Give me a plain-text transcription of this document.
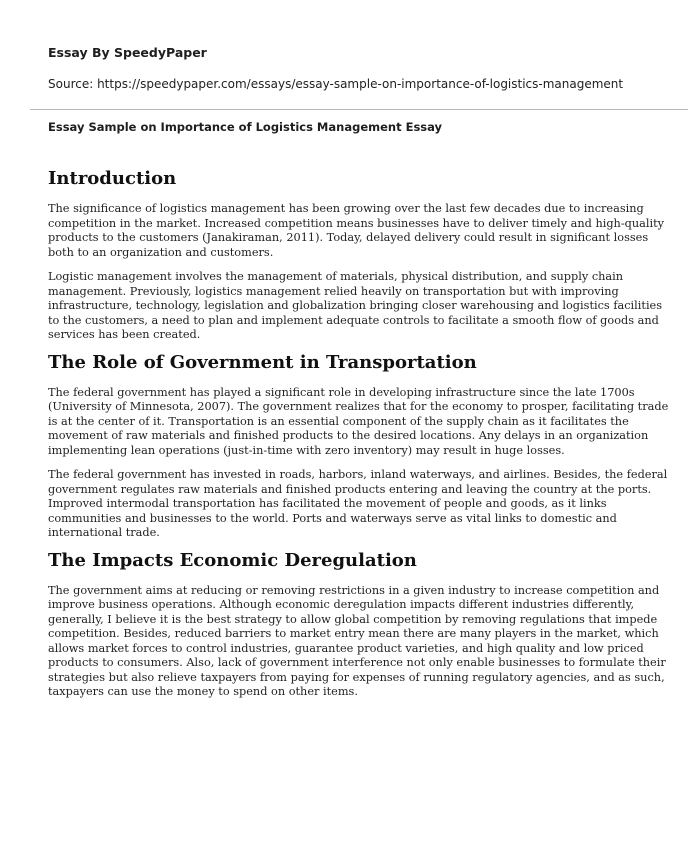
Essay By SpeedyPaper
Source: https://speedypaper.com/essays/essay-sample-on-importance-of-logistics-management
Essay Sample on Importance of Logistics Management Essay
Introduction

The significance of logistics management has been growing over the last few decades due to increasing competition in the market. Increased competition means businesses have to deliver timely and high-quality products to the customers (Janakiraman, 2011). Today, delayed delivery could result in significant losses both to an organization and customers.

Logistic management involves the management of materials, physical distribution, and supply chain management. Previously, logistics management relied heavily on transportation but with improving infrastructure, technology, legislation and globalization bringing closer warehousing and logistics facilities to the customers, a need to plan and implement adequate controls to facilitate a smooth flow of goods and services has been created.

The Role of Government in Transportation

The federal government has played a significant role in developing infrastructure since the late 1700s (University of Minnesota, 2007). The government realizes that for the economy to prosper, facilitating trade is at the center of it. Transportation is an essential component of the supply chain as it facilitates the movement of raw materials and finished products to the desired locations. Any delays in an organization implementing lean operations (just-in-time with zero inventory) may result in huge losses.

The federal government has invested in roads, harbors, inland waterways, and airlines. Besides, the federal government regulates raw materials and finished products entering and leaving the country at the ports. Improved intermodal transportation has facilitated the movement of people and goods, as it links communities and businesses to the world. Ports and waterways serve as vital links to domestic and international trade.

The Impacts Economic Deregulation

The government aims at reducing or removing restrictions in a given industry to increase competition and improve business operations. Although economic deregulation impacts different industries differently, generally, I believe it is the best strategy to allow global competition by removing regulations that impede competition. Besides, reduced barriers to market entry mean there are many players in the market, which allows market forces to control industries, guarantee product varieties, and high quality and low priced products to consumers. Also, lack of government interference not only enable businesses to formulate their strategies but also relieve taxpayers from paying for expenses of running regulatory agencies, and as such, taxpayers can use the money to spend on other items.
